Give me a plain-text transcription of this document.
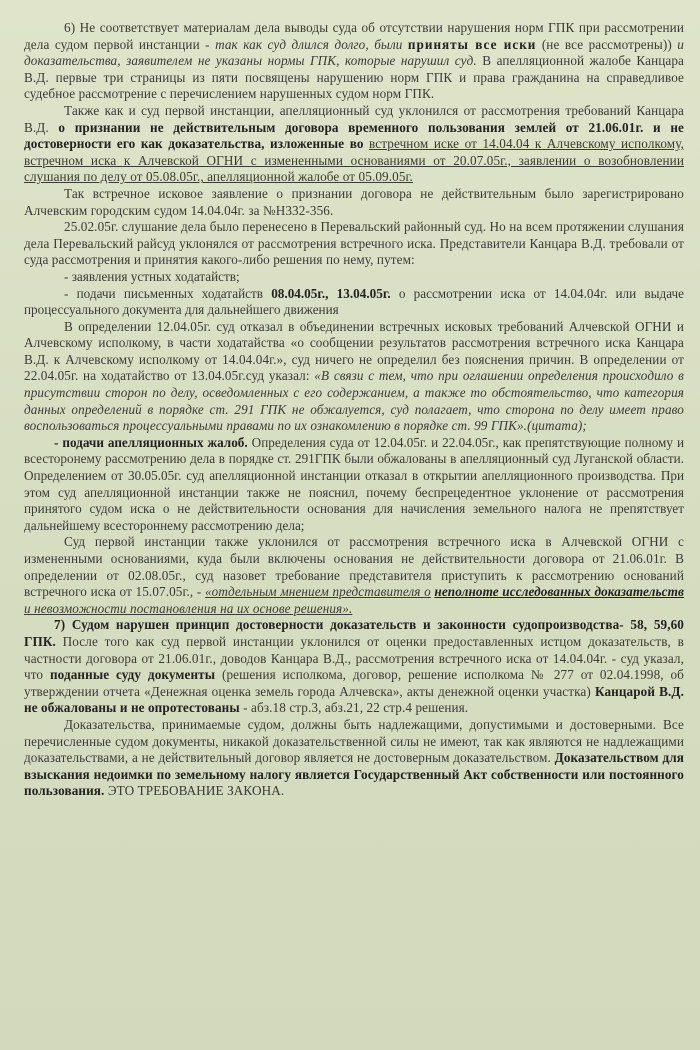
6) Не соответствует материалам дела выводы суда об отсутствии нарушения норм ГПК при рассмотрении дела судом первой инстанции - так как суд длился долго, были приняты все иски (не все рассмотрены)) и доказательства, заявителем не указаны нормы ГПК, которые нарушил суд. В апелляционной жалобе Канцара В.Д. первые три страницы из пяти посвящены нарушению норм ГПК и права гражданина на справедливое судебное рассмотрение с перечислением нарушенных судом норм ГПК.

Также как и суд первой инстанции, апелляционный суд уклонился от рассмотрения требований Канцара В.Д. о признании не действительным договора временного пользования землей от 21.06.01г. и не достоверности его как доказательства, изложенные во встречном иске от 14.04.04 к Алчевскому исполкому, встречном иска к Алчевской ОГНИ с измененными основаниями от 20.07.05г., заявлении о возобновлении слушания по делу от 05.08.05г., апелляционной жалобе от 05.09.05г.

Так встречное исковое заявление о признании договора не действительным было зарегистрировано Алчевским городским судом 14.04.04г. за №Н332-356.

25.02.05г. слушание дела было перенесено в Перевальский районный суд. Но на всем протяжении слушания дела Перевальский райсуд уклонялся от рассмотрения встречного иска. Представители Канцара В.Д. требовали от суда рассмотрения и принятия какого-либо решения по нему, путем:

- заявления устных ходатайств;

- подачи письменных ходатайств 08.04.05г., 13.04.05г. о рассмотрении иска от 14.04.04г. или выдаче процессуального документа для дальнейшего движения

В определении 12.04.05г. суд отказал в объединении встречных исковых требований Алчевской ОГНИ и Алчевскому исполкому, в части ходатайства «о сообщении результатов рассмотрения встречного иска Канцара В.Д. к Алчевскому исполкому от 14.04.04г.», суд ничего не определил без пояснения причин. В определении от 22.04.05г. на ходатайство от 13.04.05г.суд указал: «В связи с тем, что при оглашении определения происходило в присутствии сторон по делу, осведомленных с его содержанием, а также то обстоятельство, что категория данных определений в порядке ст. 291 ГПК не обжалуется, суд полагает, что сторона по делу имеет право воспользоваться процессуальными правами по их ознакомлению в порядке ст. 99 ГПК».(цитата);

- подачи апелляционных жалоб. Определения суда от 12.04.05г. и 22.04.05г., как препятствующие полному и всесторонему рассмотрению дела в порядке ст. 291ГПК были обжалованы в апелляционный суд Луганской области. Определением от 30.05.05г. суд апелляционной инстанции отказал в открытии апелляционного производства. При этом суд апелляционной инстанции также не пояснил, почему беспрецедентное уклонение от рассмотрения принятого судом иска о не действительности основания для начисления земельного налога не препятствует дальнейшему всестороннему рассмотрению дела;

Суд первой инстанции также уклонился от рассмотрения встречного иска в Алчевской ОГНИ с измененными основаниями, куда были включены основания не действительности договора от 21.06.01г. В определении от 02.08.05г., суд назовет требование представителя приступить к рассмотрению оснований встречного иска от 15.07.05г., - «отдельным мнением представителя о неполноте исследованных доказательств и невозможности постановления на их основе решения».

7) Судом нарушен принцип достоверности доказательств и законности судопроизводства- 58, 59,60 ГПК. После того как суд первой инстанции уклонился от оценки предоставленных истцом доказательств, в частности договора от 21.06.01г., доводов Канцара В.Д., рассмотрения встречного иска от 14.04.04г. - суд указал, что поданные суду документы (решения исполкома, договор, решение исполкома № 277 от 02.04.1998, об утверждении отчета «Денежная оценка земель города Алчевска», акты денежной оценки участка) Канцарой В.Д. не обжалованы и не опротестованы - абз.18 стр.3, абз.21, 22 стр.4 решения.

Доказательства, принимаемые судом, должны быть надлежащими, допустимыми и достоверными. Все перечисленные судом документы, никакой доказательственной силы не имеют, так как являются не надлежащими доказательствами, а не действительный договор является не достоверным доказательством. Доказательством для взыскания недоимки по земельному налогу является Государственный Акт собственности или постоянного пользования. ЭТО ТРЕБОВАНИЕ ЗАКОНА.
